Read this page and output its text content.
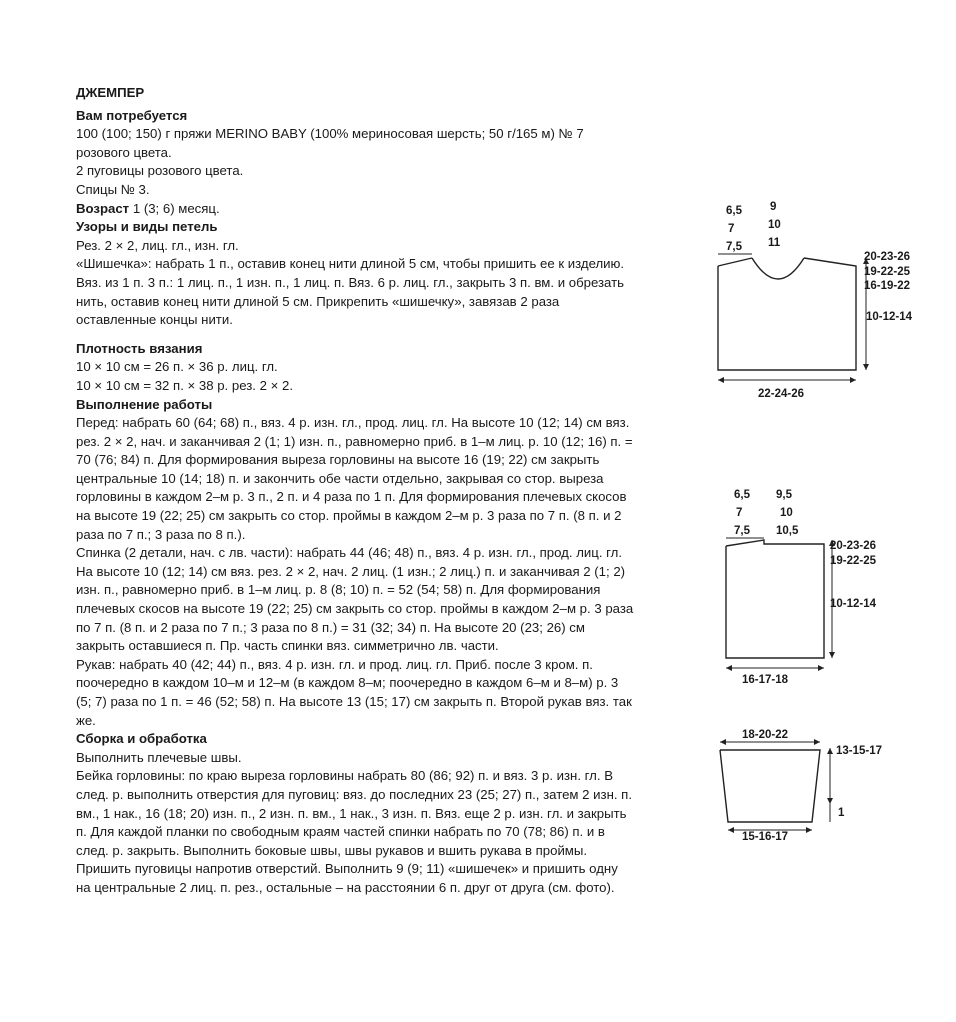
ДЖЕМПЕР

Вам потребуется

100 (100; 150) г пряжи MERINO BABY (100% мериносовая шерсть; 50 г/165 м) № 7 розового цвета.

2 пуговицы розового цвета.

Спицы № 3.

Возраст 1 (3; 6) месяц.

Узоры и виды петель

Рез. 2 × 2, лиц. гл., изн. гл.

«Шишечка»: набрать 1 п., оставив конец нити длиной 5 см, чтобы пришить ее к изделию. Вяз. из 1 п. 3 п.: 1 лиц. п., 1 изн. п., 1 лиц. п. Вяз. 6 р. лиц. гл., закрыть 3 п. вм. и обрезать нить, оставив конец нити длиной 5 см. Прикрепить «шишечку», завязав 2 раза оставленные концы нити.

Плотность вязания

10 × 10 см = 26 п. × 36 р. лиц. гл.

10 × 10 см = 32 п. × 38 р. рез. 2 × 2.

Выполнение работы

Перед: набрать 60 (64; 68) п., вяз. 4 р. изн. гл., прод. лиц. гл. На высоте 10 (12; 14) см вяз. рез. 2 × 2, нач. и заканчивая 2 (1; 1) изн. п., равномерно приб. в 1–м лиц. р. 10 (12; 16) п. = 70 (76; 84) п. Для формирования выреза горловины на высоте 16 (19; 22) см закрыть центральные 10 (14; 18) п. и закончить обе части отдельно, закрывая со стор. выреза горловины в каждом 2–м р. 3 п., 2 п. и 4 раза по 1 п. Для формирования плечевых скосов на высоте 19 (22; 25) см закрыть со стор. проймы в каждом 2–м р. 3 раза по 7 п. (8 п. и 2 раза по 7 п.; 3 раза по 8 п.).

Спинка (2 детали, нач. с лв. части): набрать 44 (46; 48) п., вяз. 4 р. изн. гл., прод. лиц. гл. На высоте 10 (12; 14) см вяз. рез. 2 × 2, нач. 2 лиц. (1 изн.; 2 лиц.) п. и заканчивая 2 (1; 2) изн. п., равномерно приб. в 1–м лиц. р. 8 (8; 10) п. = 52 (54; 58) п. Для формирования плечевых скосов на высоте 19 (22; 25) см закрыть со стор. проймы в каждом 2–м р. 3 раза по 7 п. (8 п. и 2 раза по 7 п.; 3 раза по 8 п.) = 31 (32; 34) п. На высоте 20 (23; 26) см закрыть оставшиеся п. Пр. часть спинки вяз. симметрично лв. части.

Рукав: набрать 40 (42; 44) п., вяз. 4 р. изн. гл. и прод. лиц. гл. Приб. после 3 кром. п. поочередно в каждом 10–м и 12–м (в каждом 8–м; поочередно в каждом 6–м и 8–м) р. 3 (5; 7) раза по 1 п. = 46 (52; 58) п. На высоте 13 (15; 17) см закрыть п. Второй рукав вяз. так же.

Сборка и обработка

Выполнить плечевые швы.

Бейка горловины: по краю выреза горловины набрать 80 (86; 92) п. и вяз. 3 р. изн. гл. В след. р. выполнить отверстия для пуговиц: вяз. до последних 23 (25; 27) п., затем 2 изн. п. вм., 1 нак., 16 (18; 20) изн. п., 2 изн. п. вм., 1 нак., 3 изн. п. Вяз. еще 2 р. изн. гл. и закрыть п. Для каждой планки по свободным краям частей спинки набрать по 70 (78; 86) п. и в след. р. закрыть. Выполнить боковые швы, швы рукавов и вшить рукава в проймы. Пришить пуговицы напротив отверстий. Выполнить 9 (9; 11) «шишечек» и пришить одну на центральные 2 лиц. п. рез., остальные – на расстоянии 6 п. друг от друга (см. фото).

6,5
7
7,5
9
10
11
22-24-26
20-23-26
19-22-25
16-19-22
10-12-14
6,5
7
7,5
9,5
10
10,5
16-17-18
20-23-26
19-22-25
10-12-14
18-20-22
15-16-17
13-15-17
1
